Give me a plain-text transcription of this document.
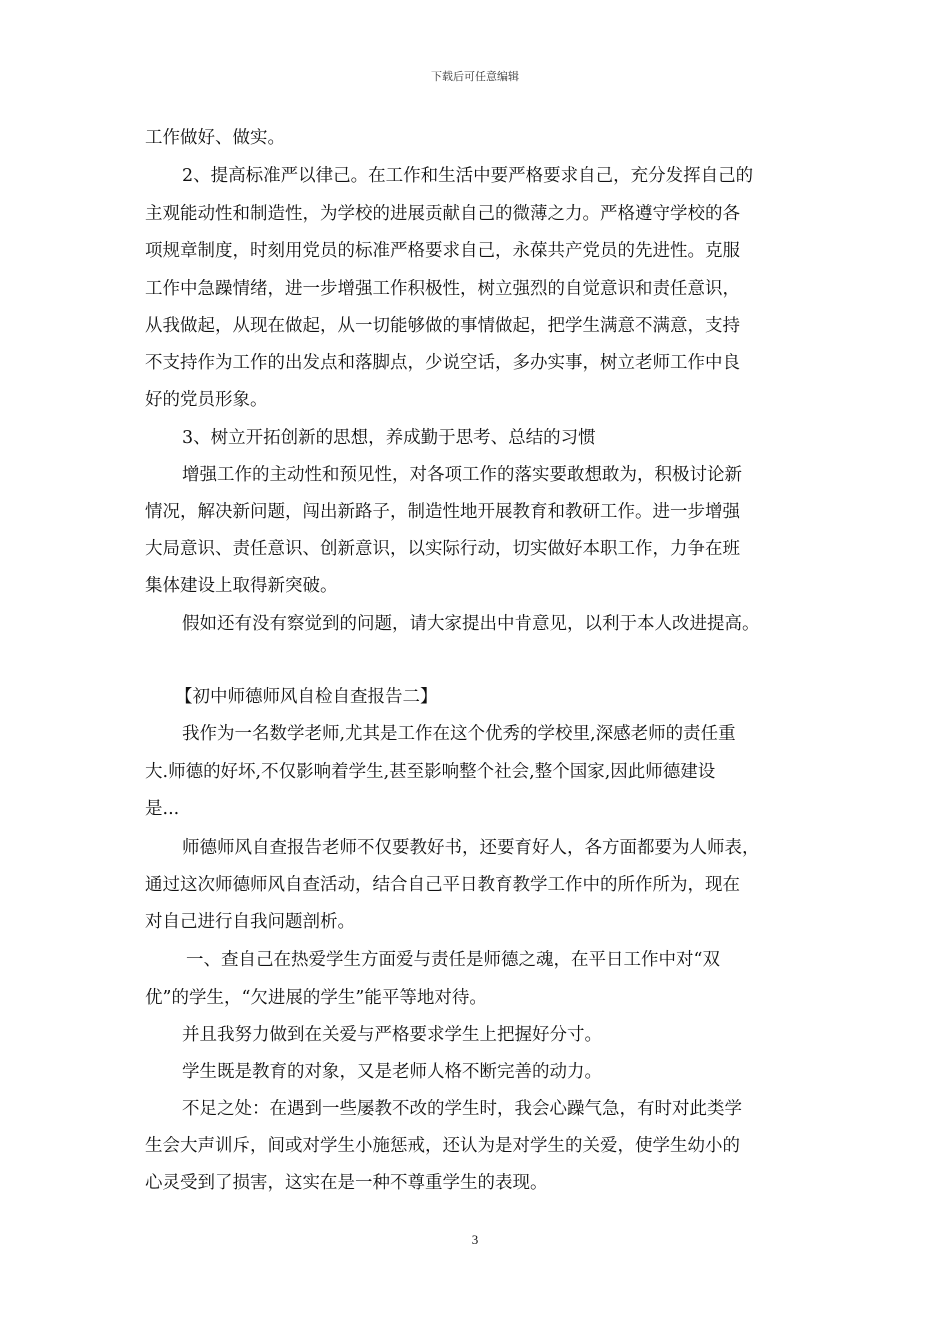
下载后可任意编辑
工作做好、做实。
2、提高标准严以律己。在工作和生活中要严格要求自己，充分发挥自己的
主观能动性和制造性，为学校的进展贡献自己的微薄之力。严格遵守学校的各
项规章制度，时刻用党员的标准严格要求自己，永葆共产党员的先进性。克服
工作中急躁情绪，进一步增强工作积极性，树立强烈的自觉意识和责任意识，
从我做起，从现在做起，从一切能够做的事情做起，把学生满意不满意，支持
不支持作为工作的出发点和落脚点，少说空话，多办实事，树立老师工作中良
好的党员形象。
3、树立开拓创新的思想，养成勤于思考、总结的习惯
增强工作的主动性和预见性，对各项工作的落实要敢想敢为，积极讨论新
情况，解决新问题，闯出新路子，制造性地开展教育和教研工作。进一步增强
大局意识、责任意识、创新意识，以实际行动，切实做好本职工作，力争在班
集体建设上取得新突破。
假如还有没有察觉到的问题，请大家提出中肯意见，以利于本人改进提高。
【初中师德师风自检自查报告二】
我作为一名数学老师,尤其是工作在这个优秀的学校里,深感老师的责任重
大.师德的好坏,不仅影响着学生,甚至影响整个社会,整个国家,因此师德建设
是...
师德师风自查报告老师不仅要教好书，还要育好人，各方面都要为人师表，
通过这次师德师风自查活动，结合自己平日教育教学工作中的所作所为，现在
对自己进行自我问题剖析。
一、查自己在热爱学生方面爱与责任是师德之魂，在平日工作中对“双
优”的学生，“欠进展的学生”能平等地对待。
并且我努力做到在关爱与严格要求学生上把握好分寸。
学生既是教育的对象，又是老师人格不断完善的动力。
不足之处：在遇到一些屡教不改的学生时，我会心躁气急，有时对此类学
生会大声训斥，间或对学生小施惩戒，还认为是对学生的关爱，使学生幼小的
心灵受到了损害，这实在是一种不尊重学生的表现。
3
